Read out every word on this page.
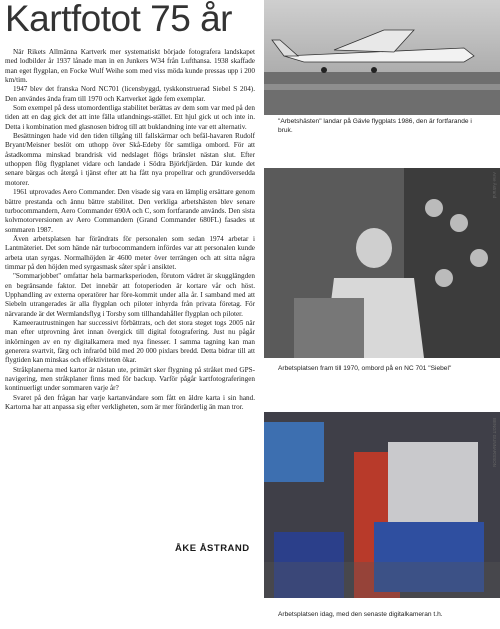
Kartfotot 75 år

När Rikets Allmänna Kartverk mer systematiskt började fotografera landskapet med lodbilder år 1937 lånade man in en Junkers W34 från Lufthansa. 1938 skaffade man eget flygplan, en Focke Wulf Weihe som med viss möda kunde pressas upp i 200 km/tim.

1947 blev det franska Nord NC701 (licensbyggd, tyskkonstruerad Siebel S 204). Den användes ända fram till 1970 och Kartverket ägde fem exemplar.

Som exempel på dess utomordentliga stabilitet berättas av dem som var med på den tiden att en dag gick det att inte fälla utlandnings-stället. Ett hjul gick ut och inte in. Detta i kombination med glasnosen bidrog till att buklandning inte var ett alternativ.

Besättningen hade vid den tiden tillgång till fallskärmar och befäl-havaren Rudolf Bryant/Meisner beslöt om uthopp över Skå-Edeby för samtliga ombord. För att åstadkomma minskad brandrisk vid nedslaget flögs bränslet nästan slut. Efter uthoppen flög flygplanet vidare och landade i Södra Björkfjärden. Där kunde det senare bärgas och återgå i tjänst efter att ha fått nya propellrar och grundöversedda motorer.

1961 utprovades Aero Commander. Den visade sig vara en lämplig ersättare genom bättre prestanda och ännu bättre stabilitet. Den verkliga arbetshästen blev senare turbocommandern, Aero Commander 690A och C, som fortfarande används. Den sista kolvmotorversionen av Aero Commandern (Grand Commander 680FL) fasades ut sommaren 1987.

Även arbetsplatsen har förändrats för personalen som sedan 1974 arbetar i Lantmäteriet. Det som hände när turbocommandern infördes var att personalen kunde arbeta utan syrgas. Normalhöjden är 4600 meter över terrängen och att sitta några timmar på den höjden med syrgasmask såter spår i ansiktet.

"Sommarjobbet" omfattar hela barmarksperioden, förutom vädret är skugglängden en begränsande faktor. Det innebär att fotoperioden är kortare vår och höst. Upphandling av externa operatörer har före-kommit under alla år. I samband med att Siebeln utrangerades är alla flygplan och piloter inhyrda från privata företag. För närvarande är det Wermlandsflyg i Torsby som tillhandahåller flygplan och piloter.

Kameerautrustningen har successivt förbättrats, och det stora steget togs 2005 när man efter utprovning året innan övergick till digital fotografering. Just nu pågår inkörningen av en ny digitalkamera med nya finesser. I samma tagning kan man generera svartvit, färg och infraröd bild med 20 000 pixlars bredd. Detta bidrar till att flygtiden kan minskas och effektiviteten ökar.

Stråkplanerna med kartor är nästan ute, primärt sker flygning på stråket med GPS-navigering, men stråkplaner finns med för backup. Varför pågår kartfotograferingen kontinuerligt under sommaren varje år?

Svaret på den frågan har varje kartanvändare som fått en äldre karta i sin hand. Kartorna har att anpassa sig efter verkligheten, som är mer föränderlig än man tror.

ÅKE ÅSTRAND
"Arbetshästen" landar på Gävle flygplats 1986, den är fortfarande i bruk.
Arne Åstrand
Arbetsplatsen fram till 1970, ombord på en NC 701 "Siebel"
BENGT GUNNARSSON
Arbetsplatsen idag, med den senaste digitalkameran t.h.
